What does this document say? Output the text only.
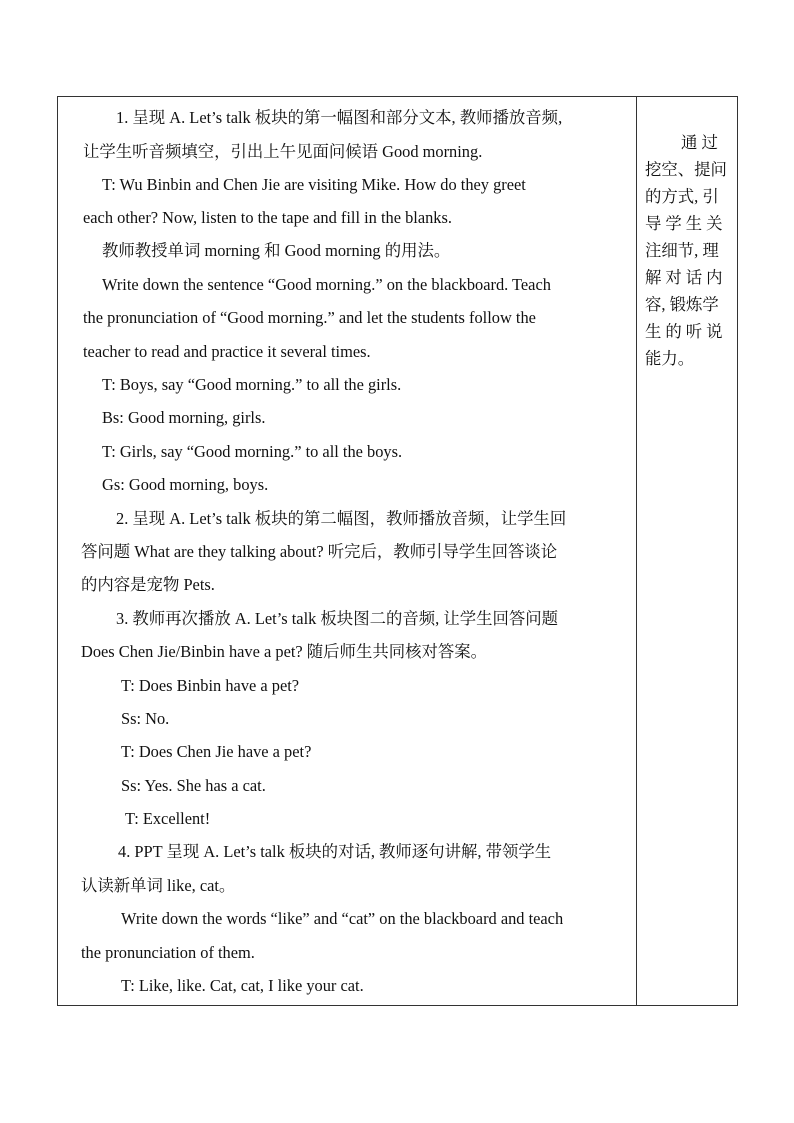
1. 呈现 A. Let’s talk 板块的第一幅图和部分文本, 教师播放音频,
让学生听音频填空，引出上午见面问候语 Good morning.
T: Wu Binbin and Chen Jie are visiting Mike. How do they greet
each other? Now, listen to the tape and fill in the blanks.
教师教授单词 morning 和 Good morning 的用法。
Write down the sentence “Good morning.” on the blackboard. Teach
the pronunciation of “Good morning.” and let the students follow the
teacher to read and practice it several times.
T: Boys, say “Good morning.” to all the girls.
Bs: Good morning, girls.
T: Girls, say “Good morning.” to all the boys.
Gs: Good morning, boys.
2. 呈现 A. Let’s talk 板块的第二幅图，教师播放音频，让学生回
答问题 What are they talking about? 听完后，教师引导学生回答谈论
的内容是宠物 Pets.
3. 教师再次播放 A. Let’s talk 板块图二的音频, 让学生回答问题
Does Chen Jie/Binbin have a pet? 随后师生共同核对答案。
T: Does Binbin have a pet?
Ss: No.
T: Does Chen Jie have a pet?
Ss: Yes. She has a cat.
T: Excellent!
4. PPT 呈现 A. Let’s talk 板块的对话, 教师逐句讲解, 带领学生
认读新单词 like, cat。
Write down the words “like” and “cat” on the blackboard and teach
the pronunciation of them.
T: Like, like. Cat, cat, I like your cat.
通 过
挖空、提问
的方式, 引
导学生关
注细节, 理
解对话内
容, 锻炼学
生的听说
能力。
